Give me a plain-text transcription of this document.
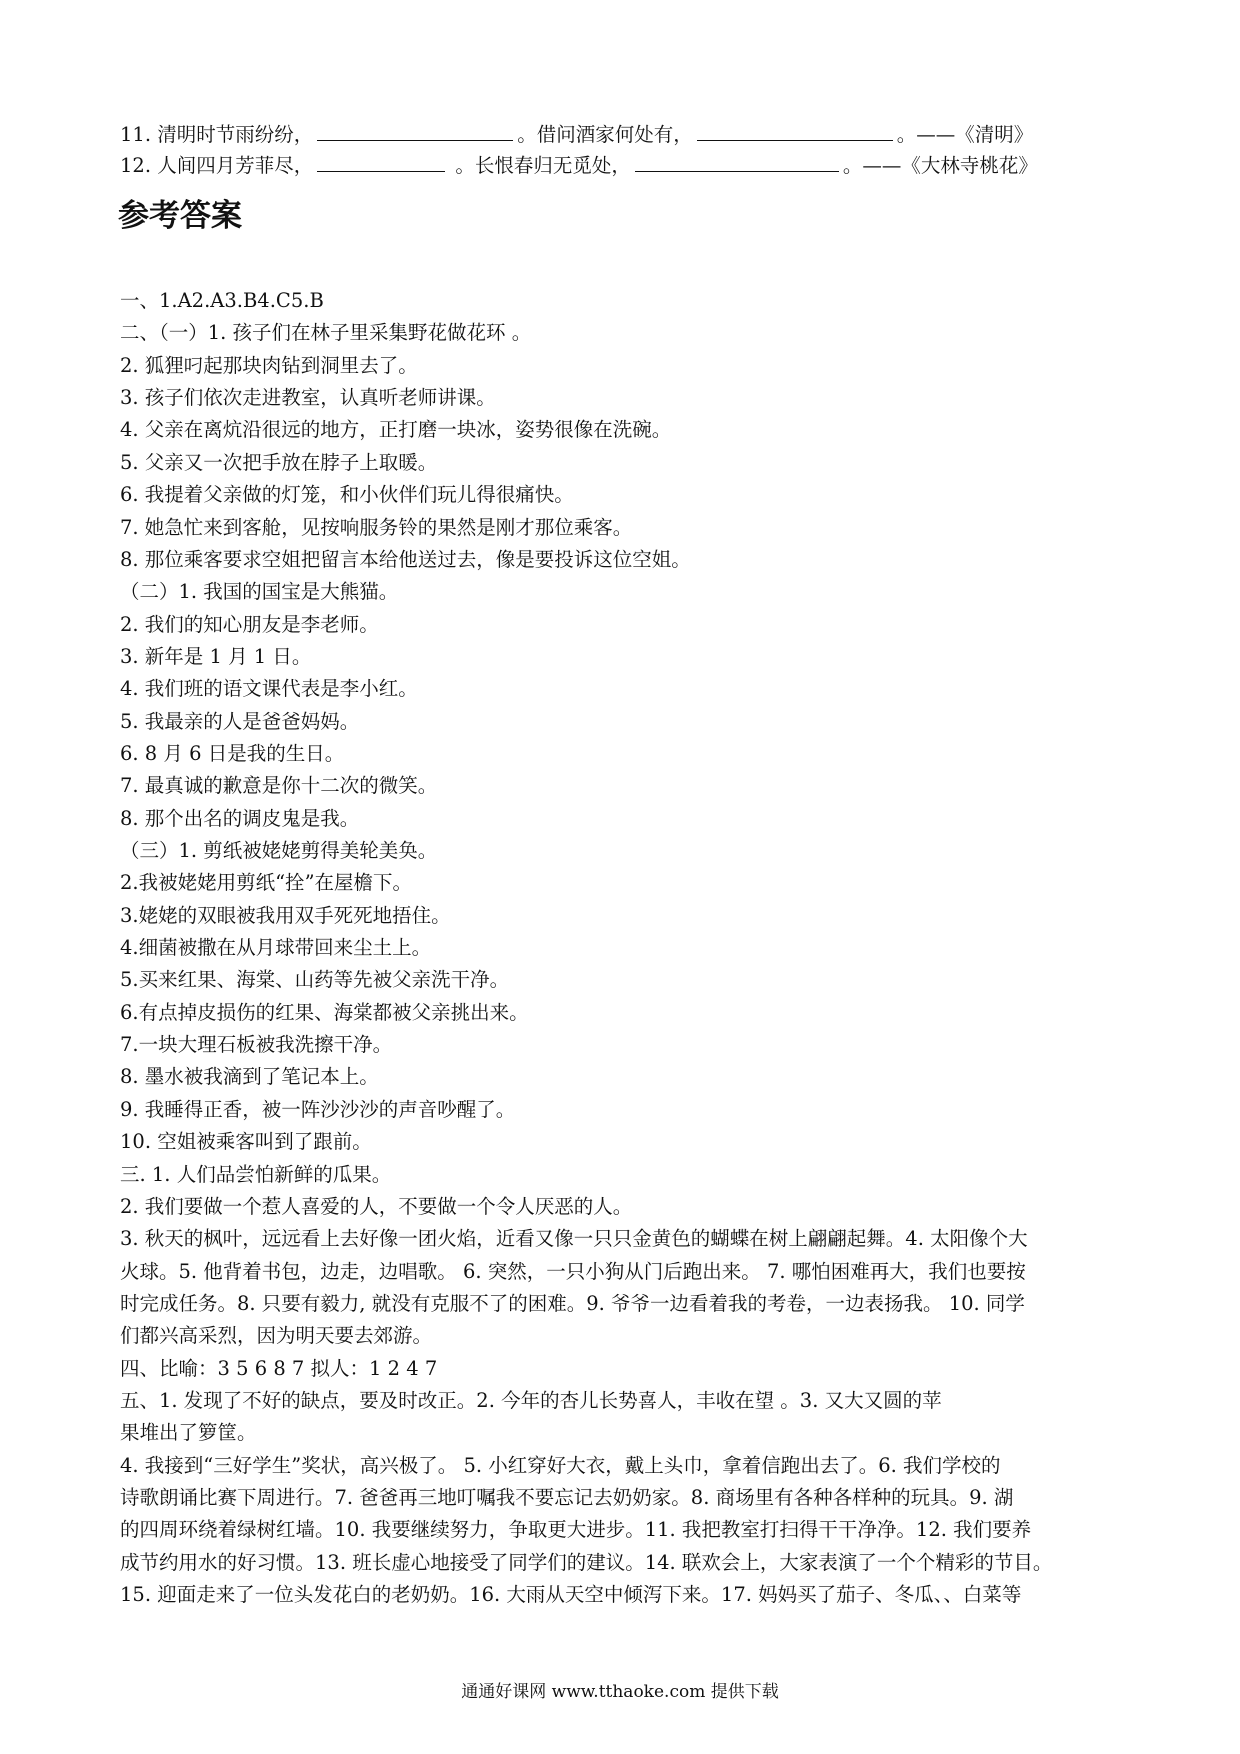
11. 清明时节雨纷纷，	。借问酒家何处有，	。——《清明》
12. 人间四月芳菲尽，	。长恨春归无觅处，	。——《大林寺桃花》
参考答案
一、1.A2.A3.B4.C5.B
二、（一）1. 孩子们在林子里采集野花做花环 。
2. 狐狸叼起那块肉钻到洞里去了。
3. 孩子们依次走进教室，认真听老师讲课。
4. 父亲在离炕沿很远的地方，正打磨一块冰，姿势很像在洗碗。
5. 父亲又一次把手放在脖子上取暖。
6. 我提着父亲做的灯笼，和小伙伴们玩儿得很痛快。
7. 她急忙来到客舱，见按响服务铃的果然是刚才那位乘客。
8. 那位乘客要求空姐把留言本给他送过去，像是要投诉这位空姐。
（二）1. 我国的国宝是大熊猫。
2. 我们的知心朋友是李老师。
3. 新年是 1 月 1 日。
4. 我们班的语文课代表是李小红。
5. 我最亲的人是爸爸妈妈。
6. 8 月 6 日是我的生日。
7. 最真诚的歉意是你十二次的微笑。
8. 那个出名的调皮鬼是我。
（三）1. 剪纸被姥姥剪得美轮美奂。
2.我被姥姥用剪纸“拴”在屋檐下。
3.姥姥的双眼被我用双手死死地捂住。
4.细菌被撒在从月球带回来尘土上。
5.买来红果、海棠、山药等先被父亲洗干净。
6.有点掉皮损伤的红果、海棠都被父亲挑出来。
7.一块大理石板被我洗擦干净。
8. 墨水被我滴到了笔记本上。
9. 我睡得正香，被一阵沙沙沙的声音吵醒了。
10. 空姐被乘客叫到了跟前。
三. 1. 人们品尝怕新鲜的瓜果。
2. 我们要做一个惹人喜爱的人，不要做一个令人厌恶的人。
3. 秋天的枫叶，远远看上去好像一团火焰，近看又像一只只金黄色的蝴蝶在树上翩翩起舞。4. 太阳像个大
火球。5. 他背着书包，边走，边唱歌。 6. 突然，一只小狗从门后跑出来。 7. 哪怕困难再大，我们也要按
时完成任务。8. 只要有毅力, 就没有克服不了的困难。9. 爷爷一边看着我的考卷，一边表扬我。 10. 同学
们都兴高采烈，因为明天要去郊游。
四、比喻：3 5 6 8 7 拟人：1 2 4 7
五、1. 发现了不好的缺点，要及时改正。2. 今年的杏儿长势喜人，丰收在望 。3. 又大又圆的苹
果堆出了箩筐。
4. 我接到“三好学生”奖状，高兴极了。 5. 小红穿好大衣，戴上头巾，拿着信跑出去了。6. 我们学校的
诗歌朗诵比赛下周进行。7. 爸爸再三地叮嘱我不要忘记去奶奶家。8. 商场里有各种各样种的玩具。9. 湖
的四周环绕着绿树红墙。10. 我要继续努力，争取更大进步。11. 我把教室打扫得干干净净。12. 我们要养
成节约用水的好习惯。13. 班长虚心地接受了同学们的建议。14. 联欢会上，大家表演了一个个精彩的节目。
15. 迎面走来了一位头发花白的老奶奶。16. 大雨从天空中倾泻下来。17. 妈妈买了茄子、冬瓜、、白菜等
通通好课网 www.tthaoke.com 提供下载
